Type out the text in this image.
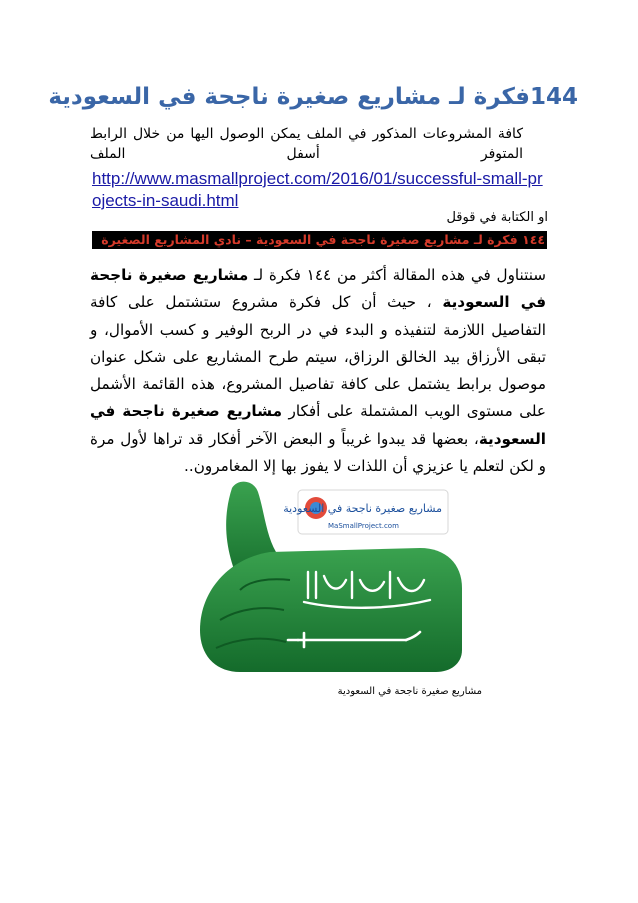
144فكرة لـ مشاريع صغيرة ناجحة في السعودية
كافة المشروعات المذكور في الملف يمكن الوصول اليها من خلال الرابط
المتوفر أسفل الملف
http://www.masmallproject.com/2016/01/successful-small-projects-in-saudi.html
او الكتابة في قوقل
١٤٤ فكرة لـ مشاريع صغيرة ناجحة في السعودية – نادي المشاريع الصغيرة
سنتناول في هذه المقالة أكثر من ١٤٤ فكرة لـ مشاريع صغيرة ناجحة في السعودية ، حيث أن كل فكرة مشروع ستشتمل على كافة التفاصيل اللازمة لتنفيذه و البدء في در الربح الوفير و كسب الأموال، و تبقى الأرزاق بيد الخالق الرزاق، سيتم طرح المشاريع على شكل عنوان موصول برابط يشتمل على كافة تفاصيل المشروع، هذه القائمة الأشمل على مستوى الويب المشتملة على أفكار مشاريع صغيرة ناجحة في السعودية، بعضها قد يبدوا غريباً و البعض الآخر أفكار قد تراها لأول مرة و لكن لتعلم يا عزيزي أن اللذات لا يفوز بها إلا المغامرون..
MaSmallProject.com
مشاريع صغيرة ناجحة في السعودية
مشاريع صغيرة ناجحة في السعودية
